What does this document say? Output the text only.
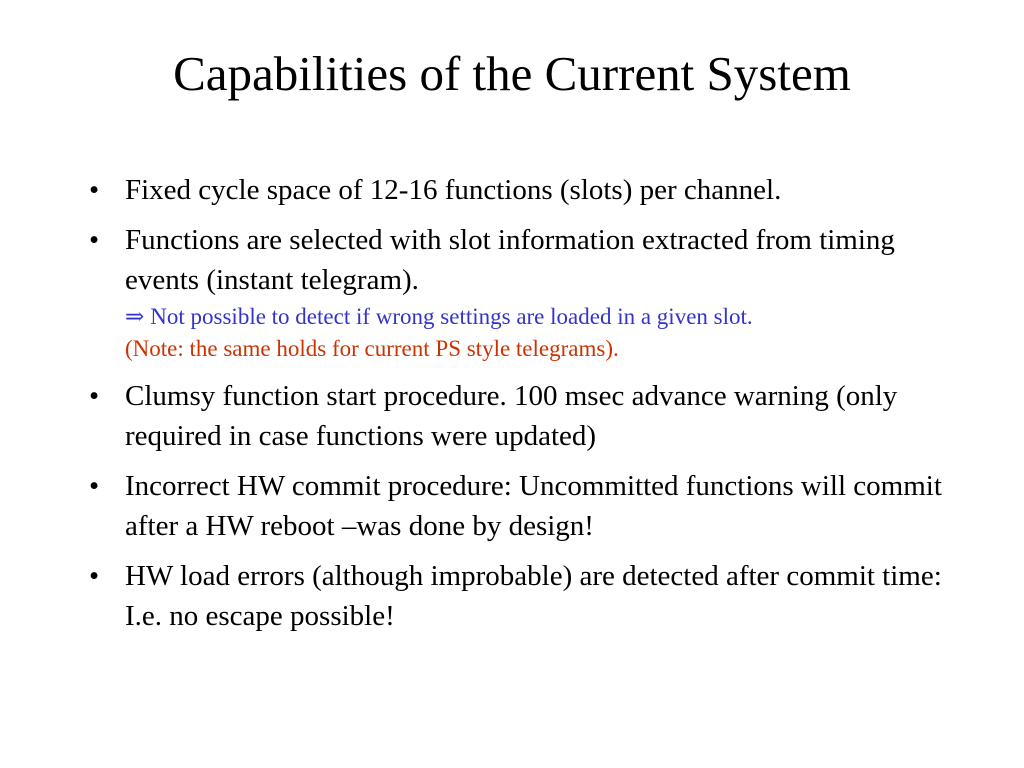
Capabilities of the Current System
• Fixed cycle space of 12-16 functions (slots) per channel.
• Functions are selected with slot information extracted from timing events (instant telegram).
⇒ Not possible to detect if wrong settings are loaded in a given slot.
(Note: the same holds for current PS style telegrams).
• Clumsy function start procedure. 100 msec advance warning (only required in case functions were updated)
• Incorrect HW commit procedure: Uncommitted functions will commit after a HW reboot –was done by design!
• HW load errors (although improbable) are detected after commit time: I.e. no escape possible!
